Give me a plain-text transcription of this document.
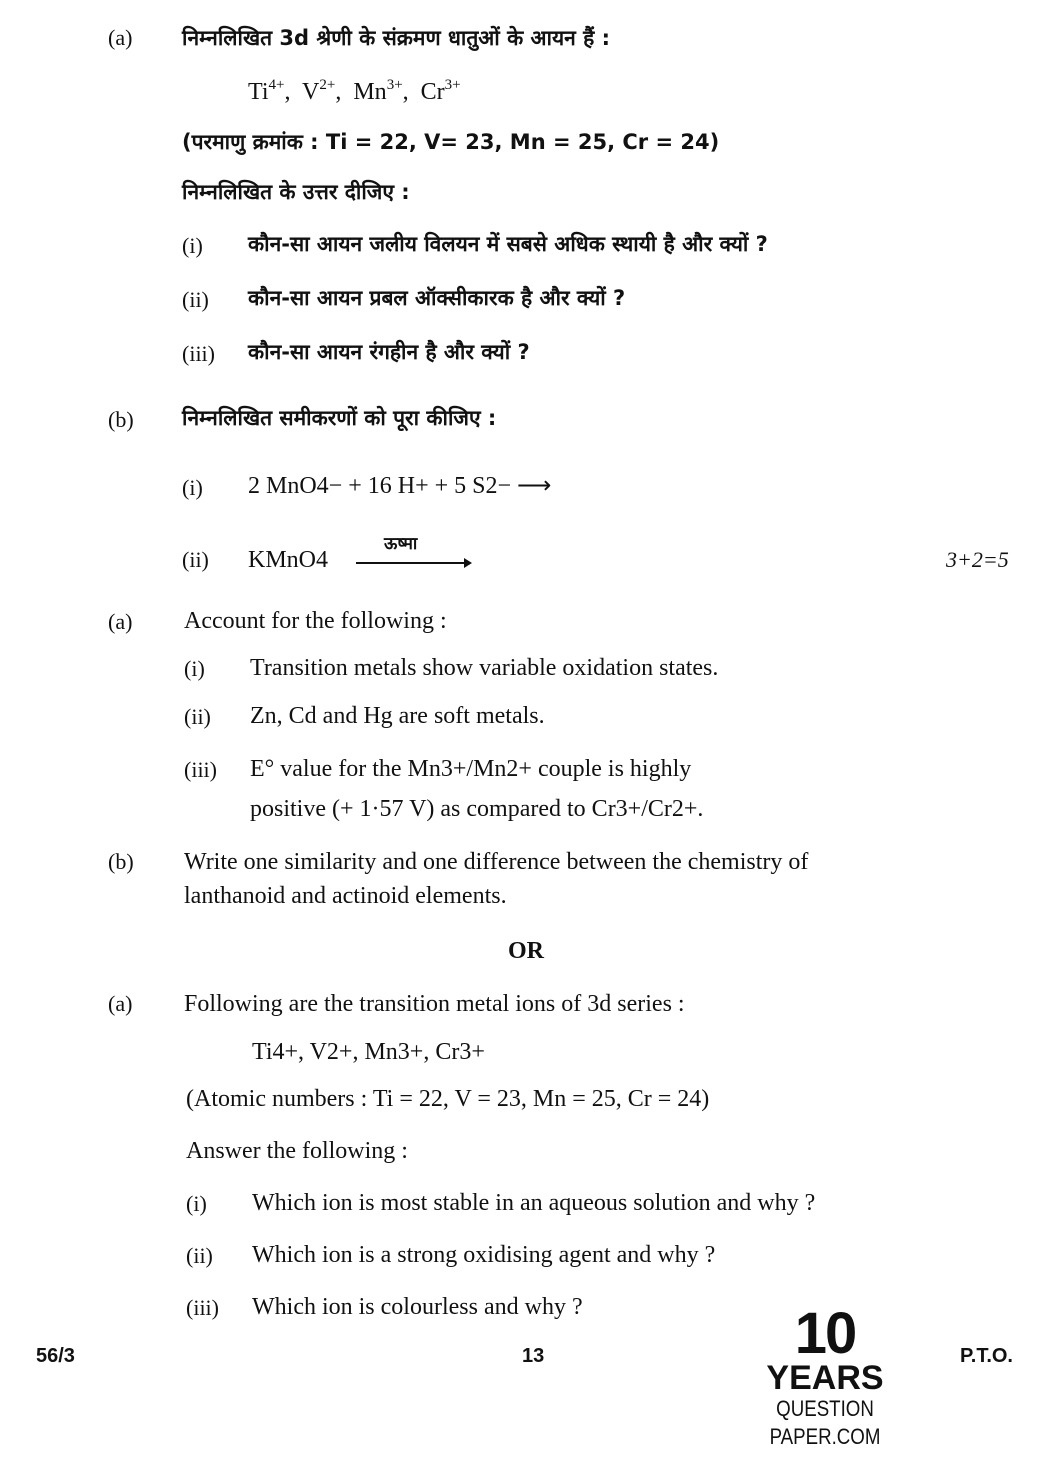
(a) निम्नलिखित 3d श्रेणी के संक्रमण धातुओं के आयन हैं :
$Ti^{4+}$,  $V^{2+}$,  $Mn^{3+}$,  $Cr^{3+}$
(परमाणु क्रमांक : Ti = 22, V= 23, Mn = 25, Cr = 24)
निम्नलिखित के उत्तर दीजिए :
(i) कौन-सा आयन जलीय विलयन में सबसे अधिक स्थायी है और क्यों ?
(ii) कौन-सा आयन प्रबल ऑक्सीकारक है और क्यों ?
(iii) कौन-सा आयन रंगहीन है और क्यों ?
(b) निम्नलिखित समीकरणों को पूरा कीजिए :
(i) 2 MnO4− + 16 H+ + 5 S2− ⟶
(ii) KMnO4
ऊष्मा
3+2=5
(a) Account for the following :
(i) Transition metals show variable oxidation states.
(ii) Zn, Cd and Hg are soft metals.
(iii) E° value for the Mn3+/Mn2+ couple is highly
positive (+ 1·57 V) as compared to Cr3+/Cr2+.
(b) Write one similarity and one difference between the chemistry of
lanthanoid and actinoid elements.
OR
(a) Following are the transition metal ions of 3d series :
Ti4+, V2+, Mn3+, Cr3+
(Atomic numbers : Ti = 22, V = 23, Mn = 25, Cr = 24)
Answer the following :
(i) Which ion is most stable in an aqueous solution and why ?
(ii) Which ion is a strong oxidising agent and why ?
(iii) Which ion is colourless and why ?
56/3	13	P.T.O.
10
YEARS
QUESTION PAPER.COM
